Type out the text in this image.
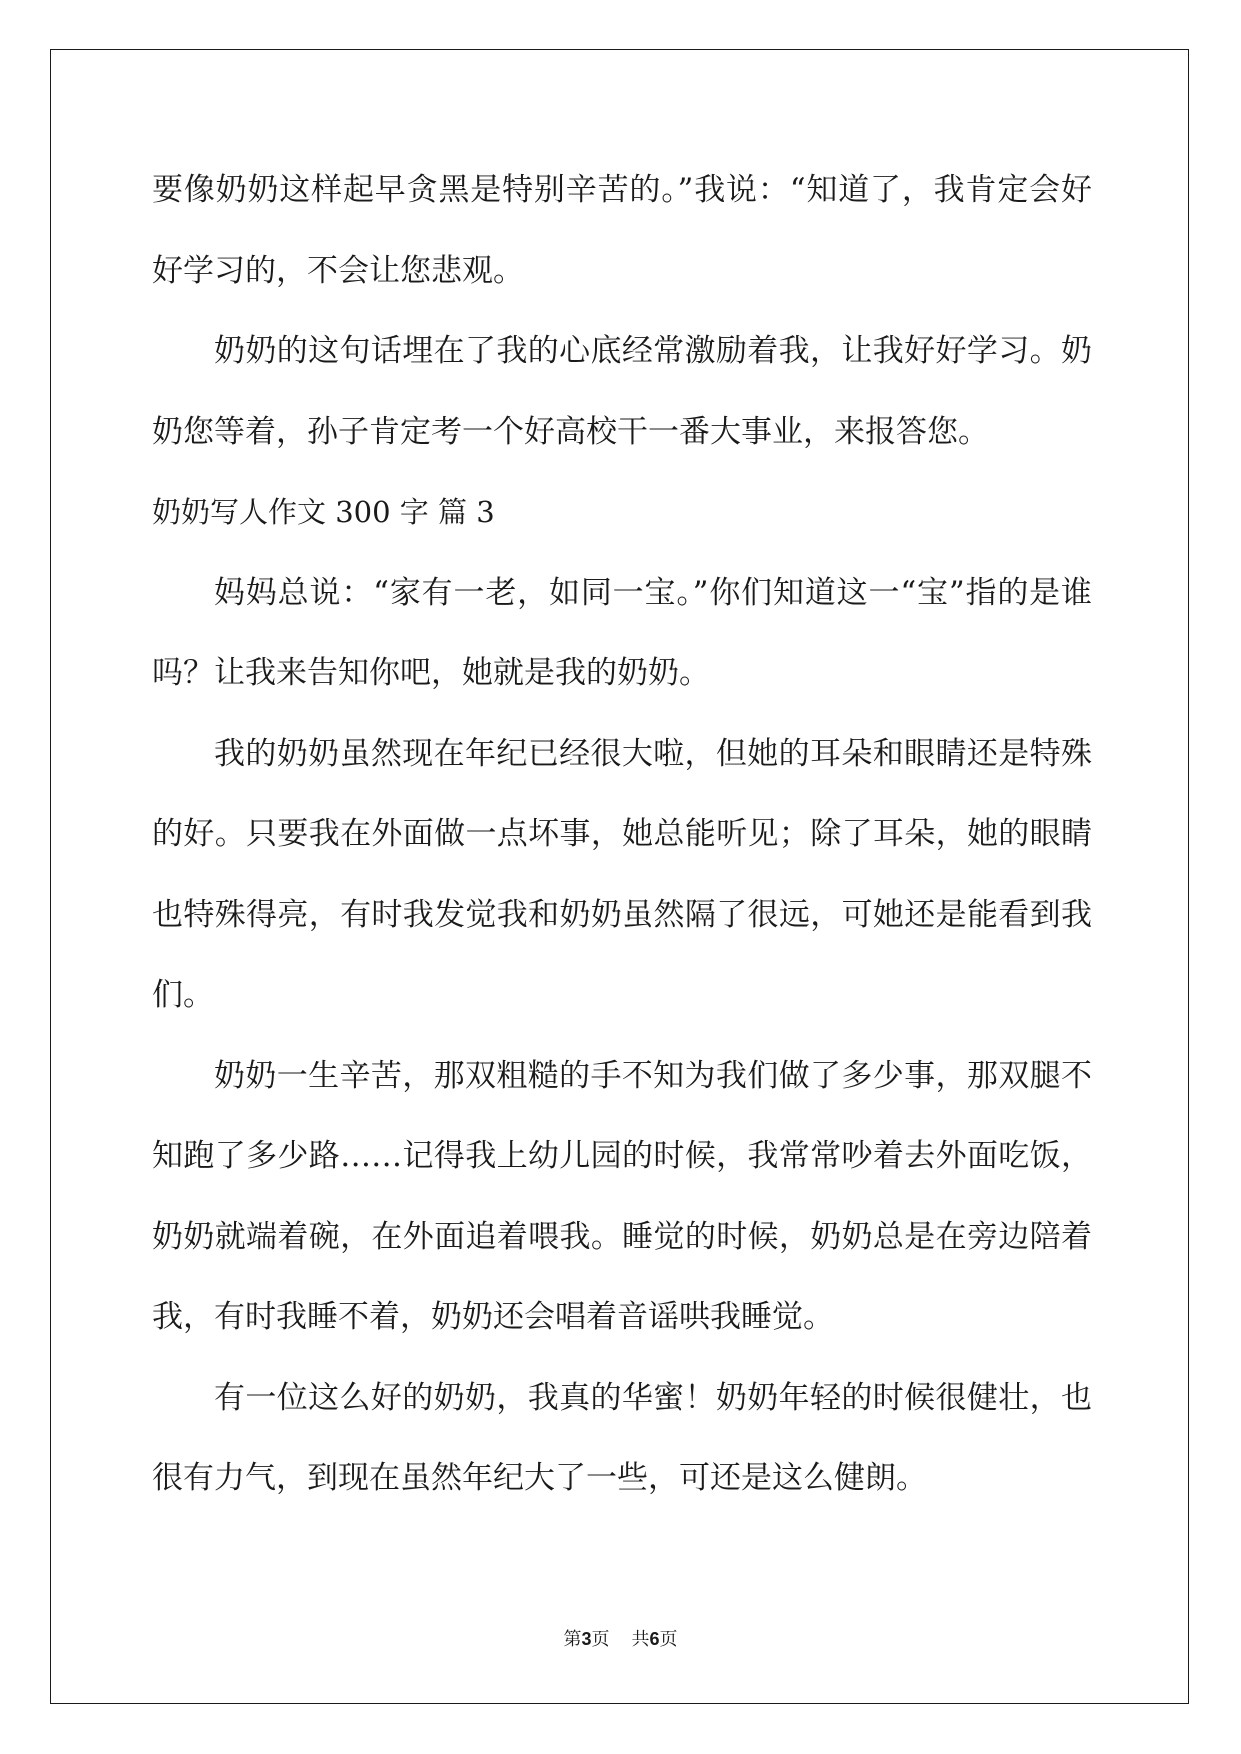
要像奶奶这样起早贪黑是特别辛苦的。”我说：“知道了，我肯定会好好学习的，不会让您悲观。

奶奶的这句话埋在了我的心底经常激励着我，让我好好学习。奶奶您等着，孙子肯定考一个好高校干一番大事业，来报答您。

奶奶写人作文 300 字 篇 3

妈妈总说：“家有一老，如同一宝。”你们知道这一“宝”指的是谁吗？让我来告知你吧，她就是我的奶奶。

我的奶奶虽然现在年纪已经很大啦，但她的耳朵和眼睛还是特殊的好。只要我在外面做一点坏事，她总能听见；除了耳朵，她的眼睛也特殊得亮，有时我发觉我和奶奶虽然隔了很远，可她还是能看到我们。

奶奶一生辛苦，那双粗糙的手不知为我们做了多少事，那双腿不知跑了多少路……记得我上幼儿园的时候，我常常吵着去外面吃饭，奶奶就端着碗，在外面追着喂我。睡觉的时候，奶奶总是在旁边陪着我，有时我睡不着，奶奶还会唱着音谣哄我睡觉。

有一位这么好的奶奶，我真的华蜜！奶奶年轻的时候很健壮，也很有力气，到现在虽然年纪大了一些，可还是这么健朗。

第3页 共6页
